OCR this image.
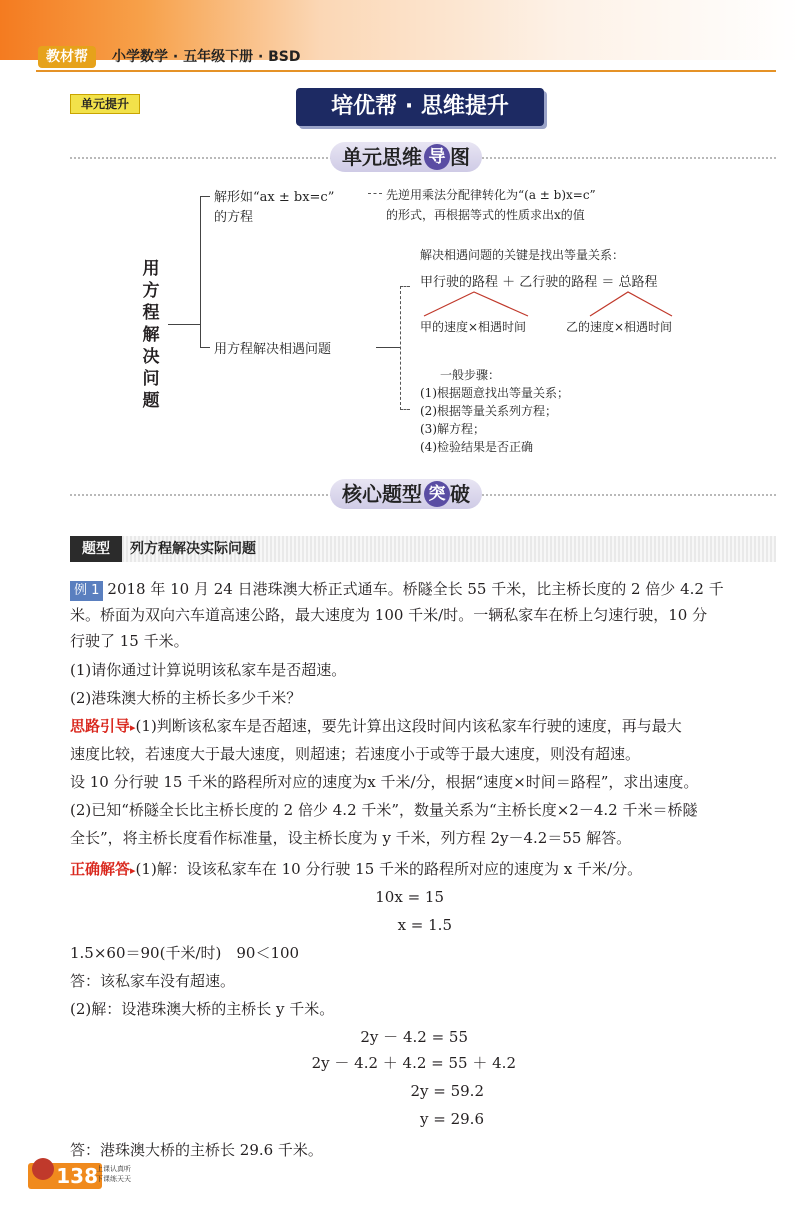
教材帮	小学数学 · 五年级下册 · BSD
单元提升	培优帮 · 思维提升
单元思维 导 图
用
方
程
解
决
问
题
解形如“ax ± bx=c”
的方程
先逆用乘法分配律转化为“(a ± b)x=c”
的形式，再根据等式的性质求出x的值
用方程解决相遇问题
解决相遇问题的关键是找出等量关系：
甲行驶的路程 ＋ 乙行驶的路程 ＝ 总路程
甲的速度×相遇时间	乙的速度×相遇时间
一般步骤：
(1)根据题意找出等量关系；
(2)根据等量关系列方程；
(3)解方程；
(4)检验结果是否正确
核心题型 突 破
题型	列方程解决实际问题
例 1 2018 年 10 月 24 日港珠澳大桥正式通车。桥隧全长 55 千米，比主桥长度的 2 倍少 4.2 千
米。桥面为双向六车道高速公路，最大速度为 100 千米/时。一辆私家车在桥上匀速行驶，10 分
行驶了 15 千米。
(1)请你通过计算说明该私家车是否超速。
(2)港珠澳大桥的主桥长多少千米？
思路引导▸(1)判断该私家车是否超速，要先计算出这段时间内该私家车行驶的速度，再与最大
速度比较，若速度大于最大速度，则超速；若速度小于或等于最大速度，则没有超速。
设 10 分行驶 15 千米的路程所对应的速度为x 千米/分，根据“速度×时间＝路程”，求出速度。
(2)已知“桥隧全长比主桥长度的 2 倍少 4.2 千米”，数量关系为“主桥长度×2－4.2 千米＝桥隧
全长”，将主桥长度看作标准量，设主桥长度为 y 千米，列方程 2y－4.2＝55 解答。
正确解答▸(1)解：设该私家车在 10 分行驶 15 千米的路程所对应的速度为 x 千米/分。
10x = 15
x = 1.5
1.5×60＝90(千米/时)　90＜100
答：该私家车没有超速。
(2)解：设港珠澳大桥的主桥长 y 千米。
2y － 4.2 = 55
2y － 4.2 ＋ 4.2 = 55 ＋ 4.2
2y = 59.2
y = 29.6
答：港珠澳大桥的主桥长 29.6 千米。
138
上课认真听
下课练天天
